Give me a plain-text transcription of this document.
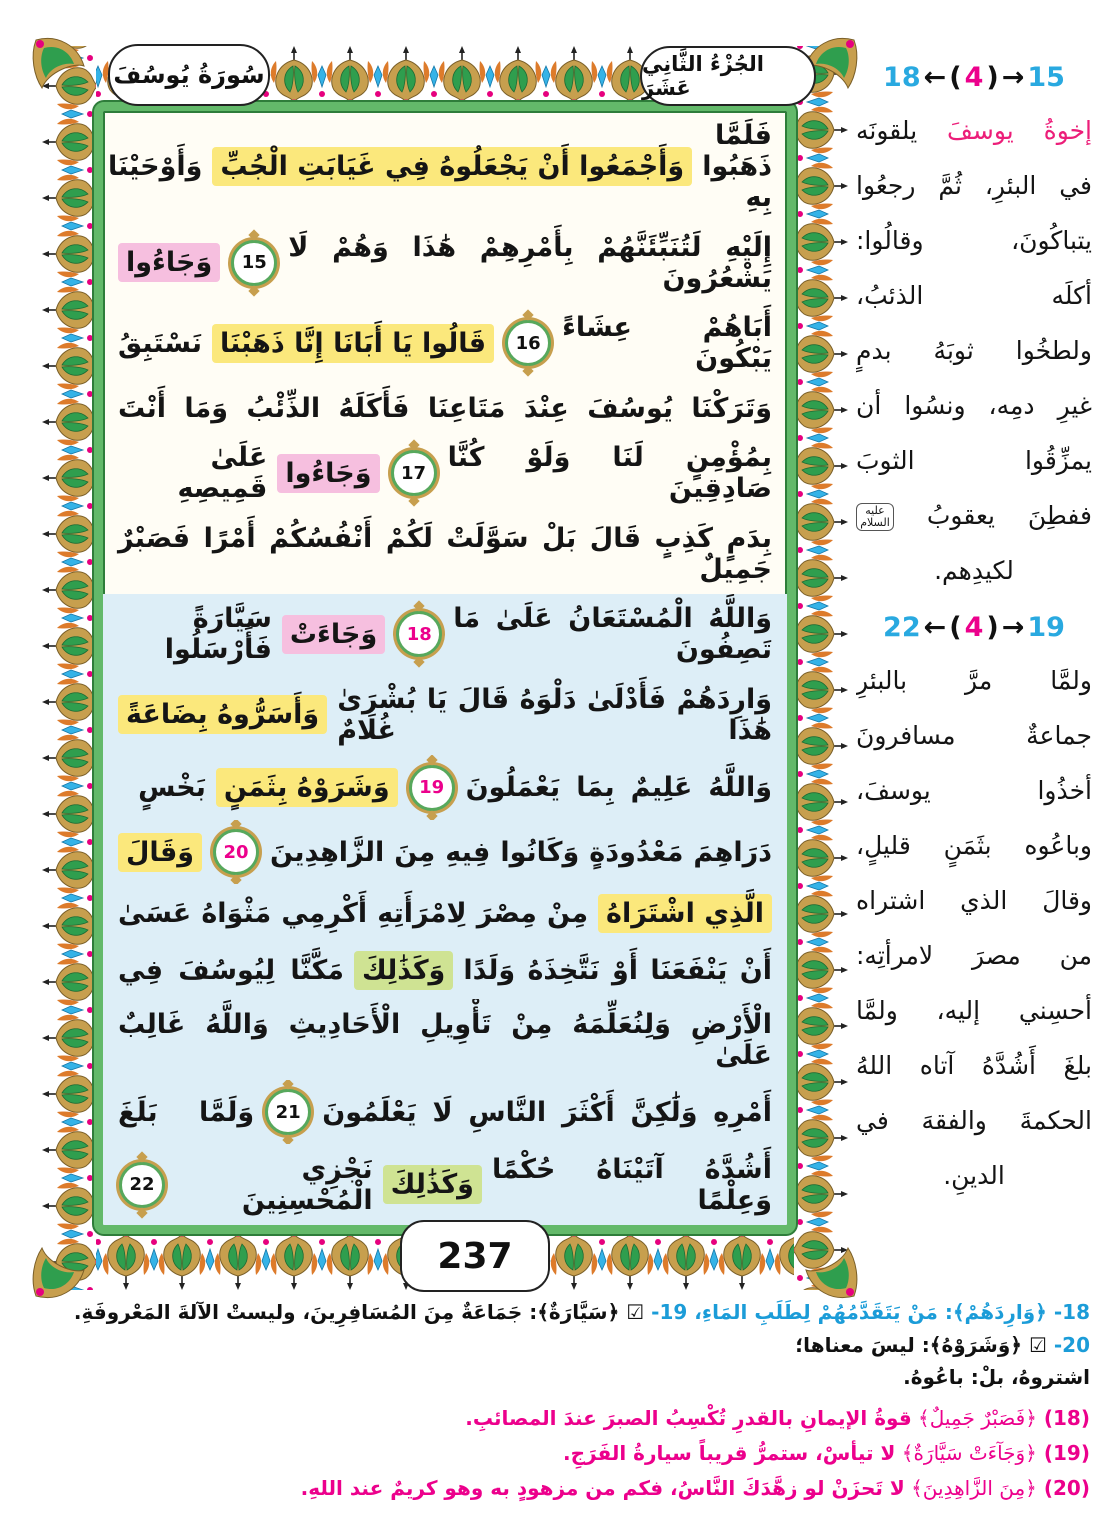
سُورَةُ يُوسُفَ	الجُزْءُ الثَّانِي عَشَرَ
237
فَلَمَّا ذَهَبُوا بِهِ
وَأَجْمَعُوا أَنْ يَجْعَلُوهُ فِي غَيَابَتِ الْجُبِّ
وَأَوْحَيْنَا
إِلَيْهِ لَتُنَبِّئَنَّهُمْ بِأَمْرِهِمْ هَٰذَا وَهُمْ لَا يَشْعُرُونَ
15
وَجَاءُوا
أَبَاهُمْ عِشَاءً يَبْكُونَ
16
قَالُوا يَا أَبَانَا إِنَّا ذَهَبْنَا
نَسْتَبِقُ
وَتَرَكْنَا يُوسُفَ عِنْدَ مَتَاعِنَا فَأَكَلَهُ الذِّئْبُ وَمَا أَنْتَ
بِمُؤْمِنٍ لَنَا وَلَوْ كُنَّا صَادِقِينَ
17
وَجَاءُوا
عَلَىٰ قَمِيصِهِ
بِدَمٍ كَذِبٍ قَالَ بَلْ سَوَّلَتْ لَكُمْ أَنْفُسُكُمْ أَمْرًا فَصَبْرٌ جَمِيلٌ
وَاللَّهُ الْمُسْتَعَانُ عَلَىٰ مَا تَصِفُونَ
18
وَجَاءَتْ
سَيَّارَةً فَأَرْسَلُوا
وَارِدَهُمْ فَأَدْلَىٰ دَلْوَهُ قَالَ يَا بُشْرَىٰ هَٰذَا غُلَامٌ
وَأَسَرُّوهُ بِضَاعَةً
وَاللَّهُ عَلِيمٌ بِمَا يَعْمَلُونَ
19
وَشَرَوْهُ بِثَمَنٍ
بَخْسٍ
دَرَاهِمَ مَعْدُودَةٍ وَكَانُوا فِيهِ مِنَ الزَّاهِدِينَ
20
وَقَالَ
الَّذِي اشْتَرَاهُ
مِنْ مِصْرَ لِامْرَأَتِهِ أَكْرِمِي مَثْوَاهُ عَسَىٰ
أَنْ يَنْفَعَنَا أَوْ نَتَّخِذَهُ وَلَدًا
وَكَذَٰلِكَ
مَكَّنَّا لِيُوسُفَ فِي
الْأَرْضِ وَلِنُعَلِّمَهُ مِنْ تَأْوِيلِ الْأَحَادِيثِ وَاللَّهُ غَالِبٌ عَلَىٰ
أَمْرِهِ وَلَٰكِنَّ أَكْثَرَ النَّاسِ لَا يَعْلَمُونَ
21
وَلَمَّا بَلَغَ
أَشُدَّهُ آتَيْنَاهُ حُكْمًا وَعِلْمًا
وَكَذَٰلِكَ
نَجْزِي الْمُحْسِنِينَ
22
18 ← ( 4 ) → 15
إخوةُ يوسفَ يلقونَه
في البئرِ، ثُمَّ رجعُوا
يتباكُونَ، وقالُوا:
أكلَه الذئبُ،
ولطخُوا ثوبَهُ بدمٍ
غيرِ دمِه، ونسُوا أن
يمزِّقُوا الثوبَ
ففطِنَ يعقوبُ عليه السلام
لكيدِهم.
22 ← ( 4 ) → 19
ولمَّا مرَّ بالبئرِ
جماعةٌ مسافرونَ
أخذُوا يوسفَ،
وباعُوه بثَمَنٍ قليلٍ،
وقالَ الذي اشتراه
من مصرَ لامرأتِه:
أحسِني إليه، ولمَّا
بلغَ أَشُدَّهُ آتاه اللهُ
الحكمةَ والفقهَ في
الدينِ.
18- ﴿وَارِدَهُمْ﴾: مَنْ يَتَقَدَّمُهُمْ لِطَلَبِ المَاءِ، 19- ☑ ﴿سَيَّارَةٌ﴾: جَمَاعَةٌ مِنَ المُسَافِرِينَ، وليستْ الآلةَ المَعْروفَةِ. 20- ☑ ﴿وَشَرَوْهُ﴾: ليسَ معناها؛
اشتروهُ، بلْ: باعُوهُ.
(18) ﴿فَصَبْرٌ جَمِيلٌ﴾ قوةُ الإيمانِ بالقدرِ تُكْسِبُ الصبرَ عندَ المصائبِ.
(19) ﴿وَجَآءَتْ سَيَّارَةٌ﴾ لا تيأسْ، ستمرُّ قريباً سيارةُ الفَرَجِ.
(20) ﴿مِنَ الزَّاهِدِينَ﴾ لا تَحزَنْ لو زهَّدَكَ النَّاسُ، فكم من مزهودٍ به وهو كريمٌ عند اللهِ.
